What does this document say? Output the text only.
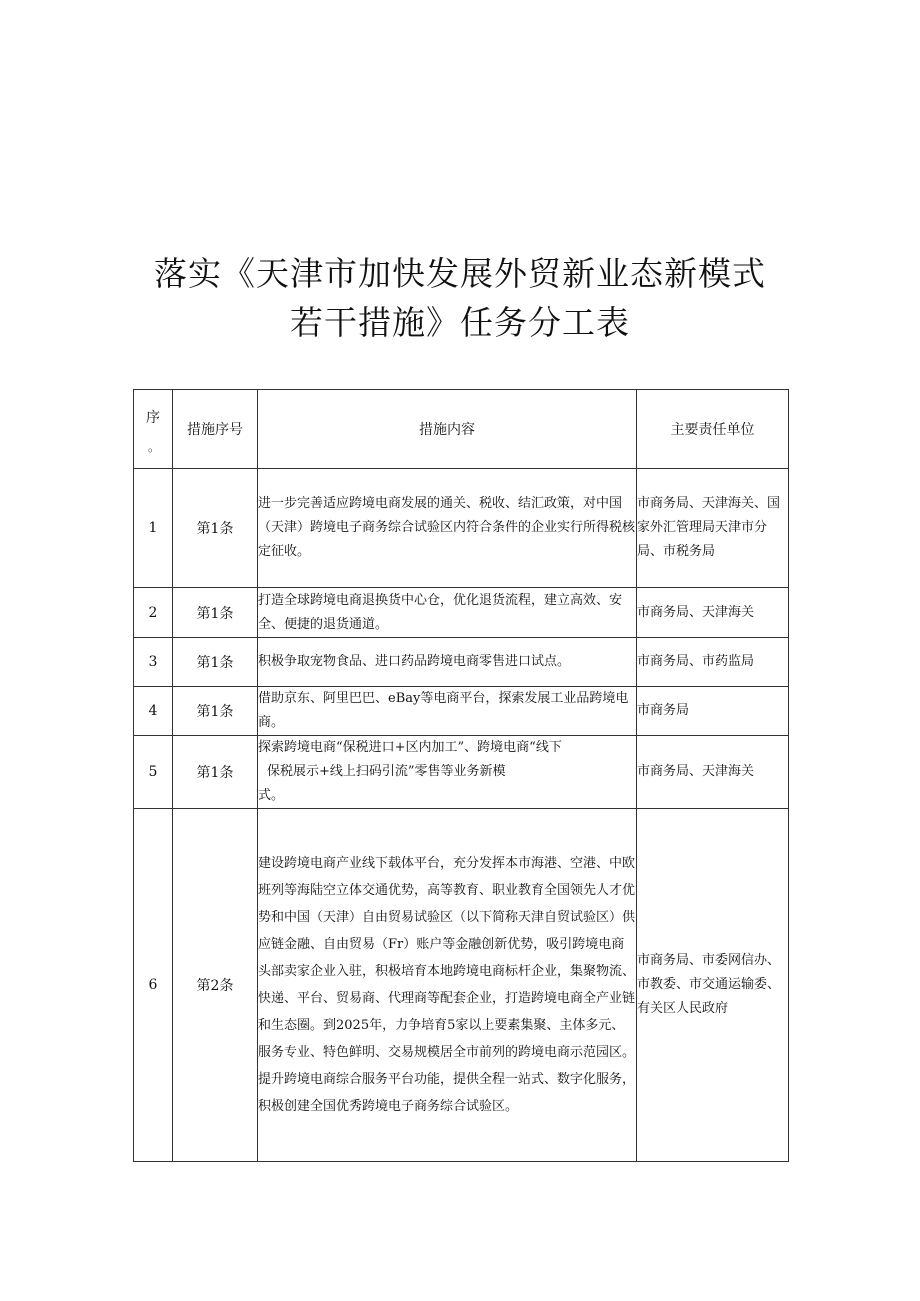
落实《天津市加快发展外贸新业态新模式
若干措施》任务分工表
序
。	措施序号	措施内容	主要责任单位
1	第1条	进一步完善适应跨境电商发展的通关、税收、结汇政策，对中国（天津）跨境电子商务综合试验区内符合条件的企业实行所得税核定征收。	市商务局、天津海关、国家外汇管理局天津市分局、市税务局
2	第1条	打造全球跨境电商退换货中心仓，优化退货流程，建立高效、安全、便捷的退货通道。	市商务局、天津海关
3	第1条	积极争取宠物食品、进口药品跨境电商零售进口试点。	市商务局、市药监局
4	第1条	借助京东、阿里巴巴、eBay等电商平台，探索发展工业品跨境电商。	市商务局
5	第1条	探索跨境电商“保税进口+区内加工”、跨境电商“线下
保税展示+线上扫码引流”零售等业务新模
式。	市商务局、天津海关
6	第2条	建设跨境电商产业线下载体平台，充分发挥本市海港、空港、中欧班列等海陆空立体交通优势，高等教育、职业教育全国领先人才优势和中国（天津）自由贸易试验区（以下简称天津自贸试验区）供应链金融、自由贸易（Fr）账户等金融创新优势，吸引跨境电商头部卖家企业入驻，积极培育本地跨境电商标杆企业，集聚物流、快递、平台、贸易商、代理商等配套企业，打造跨境电商全产业链和生态圈。到2025年，力争培育5家以上要素集聚、主体多元、服务专业、特色鲜明、交易规模居全市前列的跨境电商示范园区。提升跨境电商综合服务平台功能，提供全程一站式、数字化服务，积极创建全国优秀跨境电子商务综合试验区。	市商务局、市委网信办、市教委、市交通运输委、有关区人民政府
